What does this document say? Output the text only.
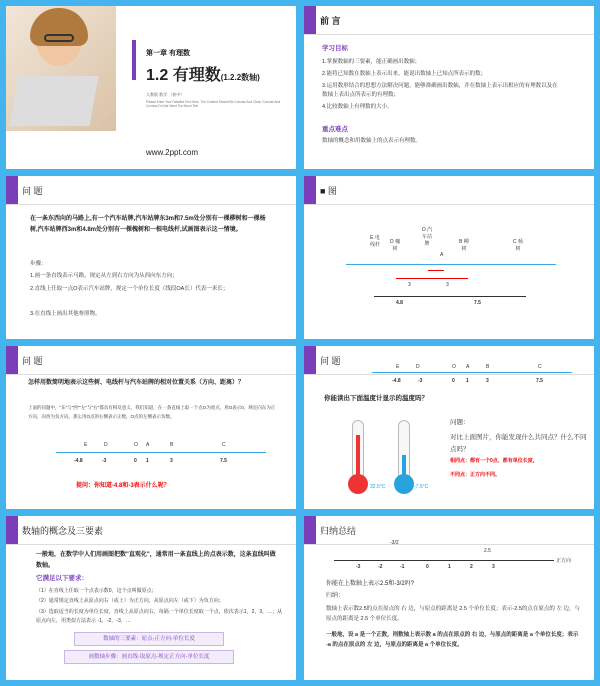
第一章 有理数
1.2 有理数(1.2.2数轴)
人教版 数学 （初中）
Please Enter Your Detailed Text Here, The Content Should Be Concise And Clear, Concise And Concise Do Not Need Too Much Text
www.2ppt.com
前 言
学习目标
1.掌握数轴的三要素，能正确画出数轴；
2.能将已知数在数轴上表示出来，能说出数轴上已知点所表示的数；
3.运用数形结合的思想方法解决问题，能够准确画出数轴，并在数轴上表示出相应的有理数以及在
数轴上表出点所表示的有理数；
4.比较数轴上有理数的大小。
重点难点
数轴的概念和用数轴上的点表示有理数。
问 题
在一条东西向的马路上,有一个汽车站牌,汽车站牌东3m和7.5m处分别有一棵柳树和一棵杨树,汽车站牌西3m和4.8m处分别有一棵槐树和一根电线杆,试画图表示这一情境。
步骤：
1.画一条直线表示马路，规定从左到右方向为从西向东方向；
2.直线上任取一点O表示汽车站牌，规定一个单位长度（线段OA长）代表一米长；
3.在直线上画出其他参照物。
■ 图
E 电线杆 D 槐树
O 汽车站牌
A
B 柳树
C 杨树
3	3
4.8	7.5
问 题
怎样用数简明地表示这些树、电线杆与汽车站牌的相对位置关系（方向、距离）？
上面的问题中，"东"与"西""左"与"右"都具有相反意义，我们知道，在一条直线上取一个点O为原点，用O表示0，规定向东为正方向，向西为负方向。那么用O点的右侧表示正数，O点的左侧表示负数。
E	D	O A	B	C
-4.8	-3	0 1	3	7.5
提问：你知道-4.8和-3表示什么呢？
问 题
E	D	O A	B	C
-4.8	-3	0 1	3	7.5
你能读出下面温度计显示的温度吗？
32.5°C	-7.5°C
问题：
对比上面图片，你能发现什么共同点？什么不同点吗？
相同点：都有一个0点、都有单位长度，
不同点：正方向不同。
数轴的概念及三要素
一般地，在数学中人们用画图把数"直观化"，通常用一条直线上的点表示数，这条直线叫做数轴。
它满足以下要求：
（1）在直线上任取一个点表示数0，这个点叫做原点；
（2）通常规定直线上从原点向右（或上）为正方向，从原点向左（或下）为负方向；
（3）选取适当的长度为单位长度，直线上从原点向右，每隔一个单位长度取一个点，依次表示1，2，3，…；从原点向左，用类似方法表示 -1，-2，-3，…
数轴的三要素：原点-正方向-单位长度
画数轴步骤：画直线-取原点-规定正方向-单位长度
归纳总结
-3/2
2.5
正方向
-3	-2	-1	0	1	2	3
你能在上数轴上表示2.5和-3/2吗?
归纳：
数轴上表示数2.5的点在原点的 右 边，与原点的距离是 2.5 个单位长度；表示-2.5的点在原点的 左 边，与原点的距离是 2.5 个单位长度。
一般地，设 a 是一个正数，则数轴上表示数 a 的点在原点的 右 边，与原点的距离是 a 个单位长度；表示 -a 的点在原点的 左 边，与原点的距离是 a 个单位长度。
